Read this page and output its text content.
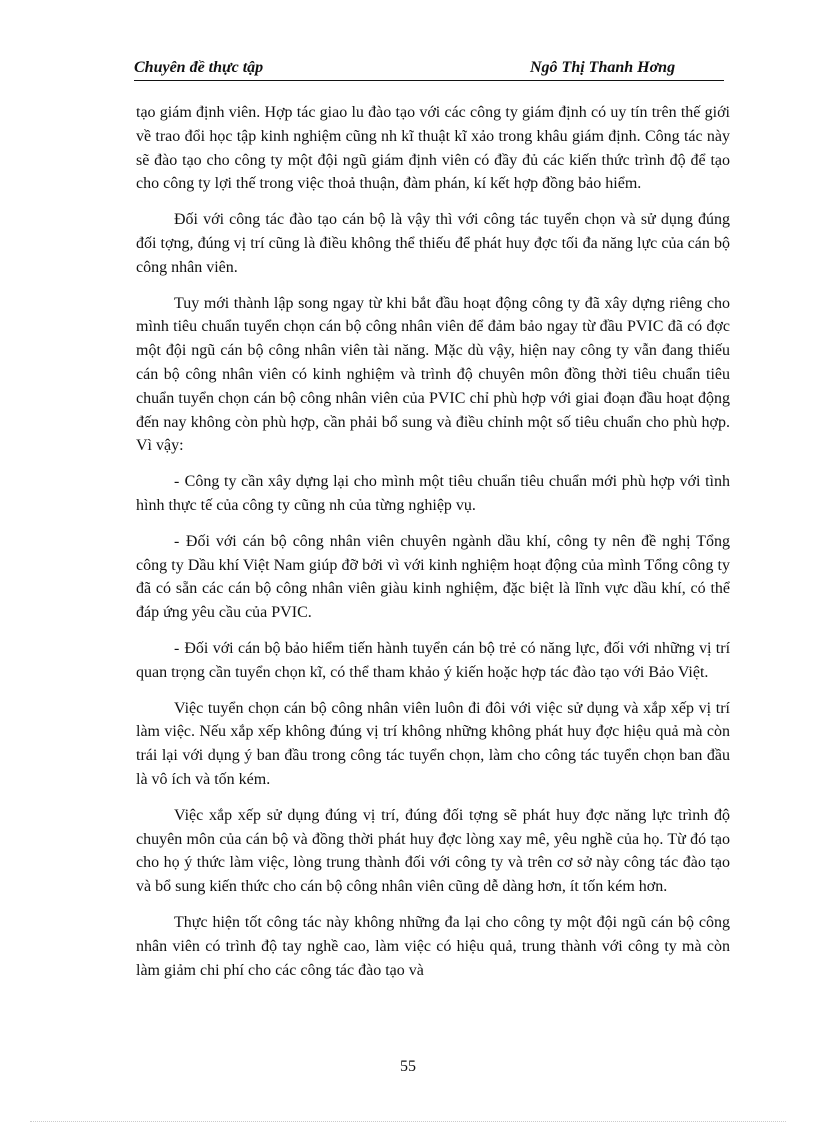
Chuyên đề thực tập	Ngô Thị Thanh Hơng

tạo giám định viên. Hợp tác giao lu đào tạo với các công ty giám định có uy tín trên thế giới về trao đổi học tập kinh nghiệm cũng nh kĩ thuật kĩ xảo trong khâu giám định. Công tác này sẽ đào tạo cho công ty một đội ngũ giám định viên có đầy đủ các kiến thức trình độ để tạo cho công ty lợi thế trong việc thoả thuận, đàm phán, kí kết hợp đồng bảo hiểm.

Đối với công tác đào tạo cán bộ là vậy thì với công tác tuyển chọn và sử dụng đúng đối tợng, đúng vị trí cũng là điều không thể thiếu để phát huy đợc tối đa năng lực của cán bộ công nhân viên.

Tuy mới thành lập song ngay từ khi bắt đầu hoạt động công ty đã xây dựng riêng cho mình tiêu chuẩn tuyển chọn cán bộ công nhân viên để đảm bảo ngay từ đầu PVIC đã có đợc một đội ngũ cán bộ công nhân viên tài năng. Mặc dù vậy, hiện nay công ty vẫn đang thiếu cán bộ công nhân viên có kinh nghiệm và trình độ chuyên môn đồng thời tiêu chuẩn tiêu chuẩn tuyển chọn cán bộ công nhân viên của PVIC chỉ phù hợp với giai đoạn đầu hoạt động đến nay không còn phù hợp, cần phải bổ sung và điều chỉnh một số tiêu chuẩn cho phù hợp. Vì vậy:

- Công ty cần xây dựng lại cho mình một tiêu chuẩn tiêu chuẩn mới phù hợp với tình hình thực tế của công ty cũng nh của từng nghiệp vụ.

- Đối với cán bộ công nhân viên chuyên ngành dầu khí, công ty nên đề nghị Tổng công ty Dầu khí Việt Nam giúp đỡ bởi vì với kinh nghiệm hoạt động của mình Tổng công ty đã có sẵn các cán bộ công nhân viên giàu kinh nghiệm, đặc biệt là lĩnh vực dầu khí, có thể đáp ứng yêu cầu của PVIC.

- Đối với cán bộ bảo hiểm tiến hành tuyển cán bộ trẻ có năng lực, đối với những vị trí quan trọng cần tuyển chọn kĩ, có thể tham khảo ý kiến hoặc hợp tác đào tạo với Bảo Việt.

Việc tuyển chọn cán bộ công nhân viên luôn đi đôi với việc sử dụng và xắp xếp vị trí làm việc. Nếu xắp xếp không đúng vị trí không những không phát huy đợc hiệu quả mà còn trái lại với dụng ý ban đầu trong công tác tuyển chọn, làm cho công tác tuyển chọn ban đầu là vô ích và tốn kém.

Việc xắp xếp sử dụng đúng vị trí, đúng đối tợng sẽ phát huy đợc năng lực trình độ chuyên môn của cán bộ và đồng thời phát huy đợc lòng xay mê, yêu nghề của họ. Từ đó tạo cho họ ý thức làm việc, lòng trung thành đối với công ty và trên cơ sở này công tác đào tạo và bổ sung kiến thức cho cán bộ công nhân viên cũng dễ dàng hơn, ít tốn kém hơn.

Thực hiện tốt công tác này không những đa lại cho công ty một đội ngũ cán bộ công nhân viên có trình độ tay nghề cao, làm việc có hiệu quả, trung thành với công ty mà còn làm giảm chi phí cho các công tác đào tạo và

55
